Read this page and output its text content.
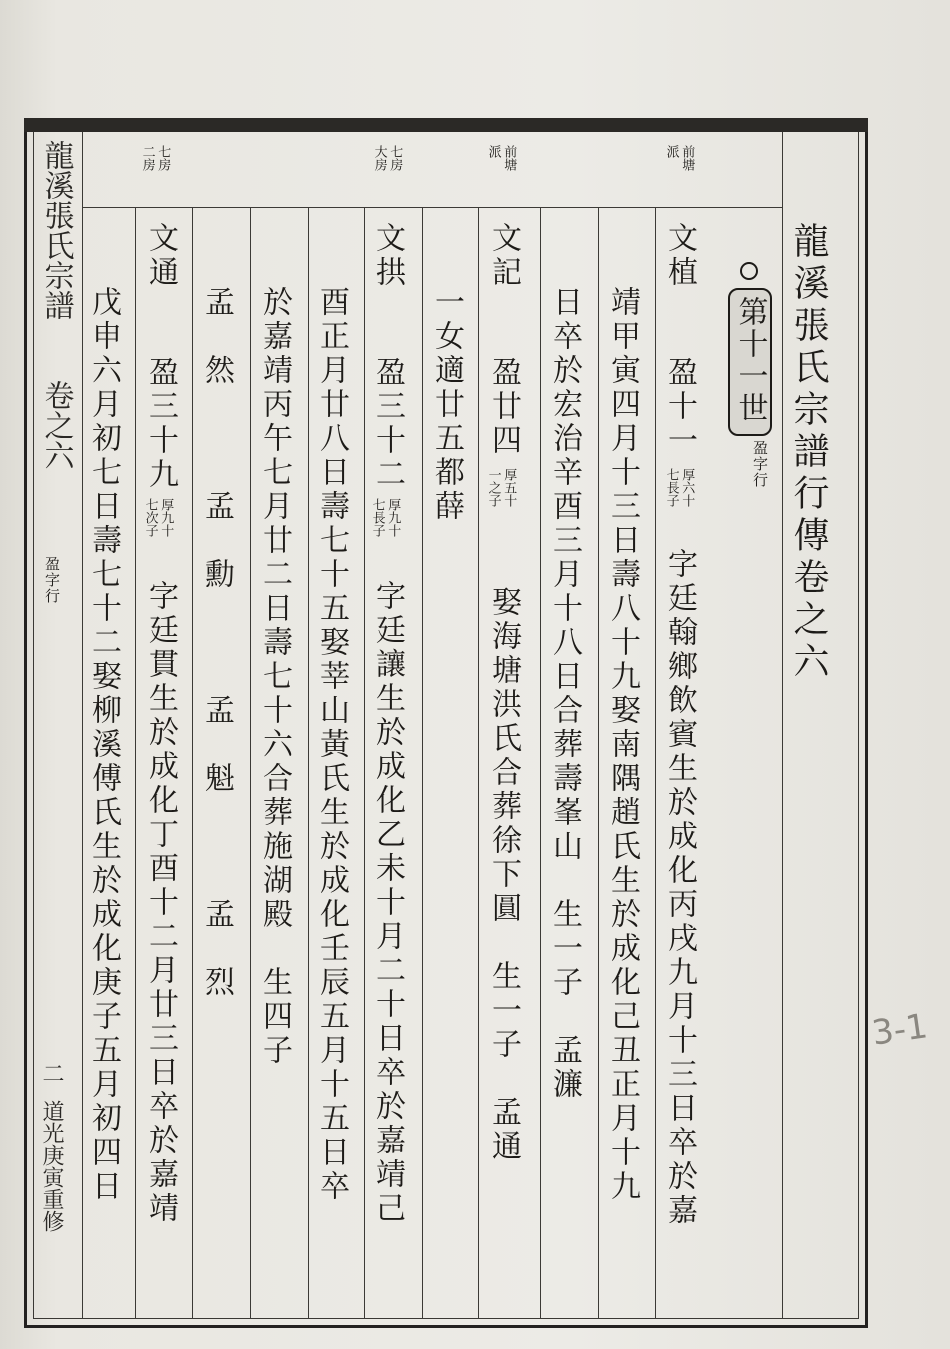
龍溪張氏宗譜行傳卷之六
第十一世
盈字行
前塘
派
文植
盈十一
厚六十
七長子
字廷翰鄉飲賓生於成化丙戌九月十三日卒於嘉
靖甲寅四月十三日壽八十九娶南隅趙氏生於成化己丑正月十九
日卒於宏治辛酉三月十八日合葬壽峯山　生一子　孟濂
前塘
派
文記
盈廿四
厚五十
一之子
娶海塘洪氏合葬徐下圓　生一子　孟通
一女適廿五都薛
七房
大房
文拱
盈三十二
厚九十
七長子
字廷讓生於成化乙未十月二十日卒於嘉靖己
酉正月廿八日壽七十五娶莘山黃氏生於成化壬辰五月十五日卒
於嘉靖丙午七月廿二日壽七十六合葬施湖殿　生四子
孟然　孟勳　孟魁　孟烈
七房
二房
文通
盈三十九
厚九十
七次子
字廷貫生於成化丁酉十二月廿三日卒於嘉靖
戊申六月初七日壽七十二娶柳溪傅氏生於成化庚子五月初四日
龍溪張氏宗譜
卷之六
盈字行
二
道光庚寅重修
3-1
